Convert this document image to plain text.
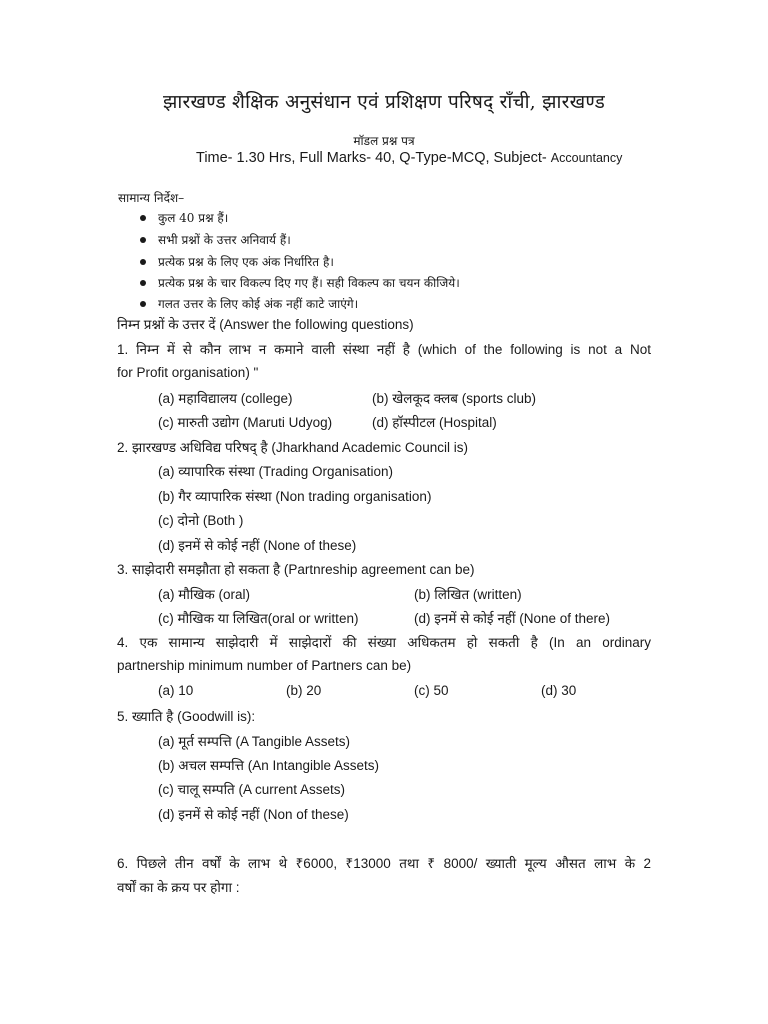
झारखण्ड शैक्षिक अनुसंधान एवं प्रशिक्षण परिषद् राँची, झारखण्ड
मॉडल प्रश्न पत्र
Time- 1.30 Hrs, Full Marks- 40, Q-Type-MCQ, Subject- Accountancy
सामान्य निर्देश–
कुल 40 प्रश्न हैं।
सभी प्रश्नों के उत्तर अनिवार्य हैं।
प्रत्येक प्रश्न के लिए एक अंक निर्धारित है।
प्रत्येक प्रश्न के चार विकल्प दिए गए हैं। सही विकल्प का चयन कीजिये।
गलत उत्तर के लिए कोई अंक नहीं काटे जाएंगे।
निम्न प्रश्नों के उत्तर दें (Answer the following questions)
1. निम्न में से कौन लाभ न कमाने वाली संस्था नहीं है (which of the following is not a Not
for Profit organisation) "
(a) महाविद्यालय (college)	(b) खेलकूद क्लब (sports club)
(c) मारुती उद्योग (Maruti Udyog)	(d) हॉस्पीटल (Hospital)
2. झारखण्ड अधिविद्य परिषद् है (Jharkhand Academic Council is)
(a) व्यापारिक संस्था (Trading Organisation)
(b) गैर व्यापारिक संस्था (Non trading organisation)
(c) दोनो (Both )
(d) इनमें से कोई नहीं (None of these)
3. साझेदारी समझौता हो सकता है (Partnreship agreement can be)
(a) मौखिक (oral)	(b) लिखित (written)
(c) मौखिक या लिखित(oral or written)	(d) इनमें से कोई नहीं (None of there)
4. एक सामान्य साझेदारी में साझेदारों की संख्या अधिकतम हो सकती है (In an ordinary
partnership minimum number of Partners can be)
(a) 10	(b) 20	(c) 50	(d) 30
5. ख्याति है (Goodwill is):
(a) मूर्त सम्पत्ति (A Tangible Assets)
(b) अचल सम्पत्ति (An Intangible Assets)
(c) चालू सम्पति (A current Assets)
(d) इनमें से कोई नहीं (Non of these)
6. पिछले तीन वर्षों के लाभ थे ₹6000, ₹13000 तथा ₹ 8000/ ख्याती मूल्य औसत लाभ के 2
वर्षों का के क्रय पर होगा :
